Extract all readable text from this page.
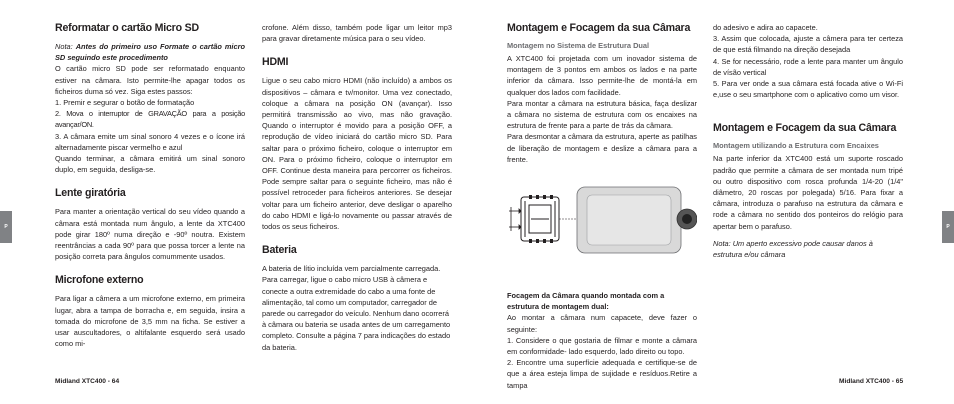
P
Reformatar o cartão Micro SD

Nota: Antes do primeiro uso Formate o cartão micro SD seguindo este procedimento

O cartão micro SD pode ser reformatado enquanto estiver na câmara. Isto permite-lhe apagar todos os ficheiros duma só vez. Siga estes passos:

1. Premir e segurar o botão de formatação

2. Mova o interruptor de GRAVAÇÃO para a posição avançar/ON.

3. A câmara emite um sinal sonoro 4 vezes e o ícone irá alternadamente piscar vermelho e azul

Quando terminar, a câmara emitirá um sinal sonoro duplo, em seguida, desliga-se.

Lente giratória

Para manter a orientação vertical do seu vídeo quando a câmara está montada num ângulo, a lente da XTC400 pode girar 180º numa direção e -90º noutra. Existem reentrâncias a cada 90º para que possa torcer a lente na posição correta para ângulos comummente usados.

Microfone externo

Para ligar a câmera a um microfone externo, em primeira lugar, abra a tampa de borracha e, em seguida, insira a tomada do microfone de 3,5 mm na ficha. Se estiver a usar auscultadores, o altifalante esquerdo será usado como mi-

crofone. Além disso, também pode ligar um leitor mp3 para gravar diretamente música para o seu vídeo.

HDMI

Ligue o seu cabo micro HDMI (não incluído) a ambos os dispositivos – câmara e tv/monitor. Uma vez conectado, coloque a câmara na posição ON (avançar). Isso permitirá transmissão ao vivo, mas não gravação. Quando o interruptor é movido para a posição OFF, a reprodução de vídeo iniciará do cartão micro SD. Para saltar para o próximo ficheiro, coloque o interruptor em ON. Para o próximo ficheiro, coloque o interruptor em OFF. Continue desta maneira para percorrer os ficheiros. Pode sempre saltar para o seguinte ficheiro, mas não é possível retroceder para ficheiros anteriores. Se desejar voltar para um ficheiro anterior, deve desligar o aparelho do cabo HDMI e ligá-lo novamente ou passar através de todos os seus ficheiros.

Bateria

A bateria de lítio incluída vem parcialmente carregada.

Para carregar, ligue o cabo micro USB à câmera e conecte a outra extremidade do cabo a uma fonte de alimentação, tal como um computador, carregador de parede ou carregador do veículo. Nenhum dano ocorrerá à câmara ou bateria se usada antes de um carregamento completo. Consulte a página 7 para indicações do estado da bateria.

Midland XTC400 - 64
P
Montagem e Focagem da sua Câmara
Montagem no Sistema de Estrutura Dual

A XTC400 foi projetada com um inovador sistema de montagem de 3 pontos em ambos os lados e na parte inferior da câmara. Isso permite-lhe de montá-la em qualquer dos lados com facilidade.

Para montar a câmara na estrutura básica, faça deslizar a câmara no sistema de estrutura com os encaixes na estrutura de frente para a parte de trás da câmara.

Para desmontar a câmara da estrutura, aperte as patilhas de liberação de montagem e deslize a câmara para a frente.

Focagem da Câmara quando montada com a estrutura de montagem dual:

Ao montar a câmara num capacete, deve fazer o seguinte:

1. Considere o que gostaria de filmar e monte a câmara em conformidade- lado esquerdo, lado direito ou topo.

2. Encontre uma superfície adequada e certifique-se de que a área esteja limpa de sujidade e resíduos.Retire a tampa

do adesivo e adira ao capacete.

3. Assim que colocada, ajuste a câmera para ter certeza de que está filmando na direção desejada

4. Se for necessário, rode a lente para manter um ângulo de vísão vertical

5. Para ver onde a sua câmara está focada ative o Wi-Fi e,use o seu smartphone com o aplicativo como um visor.

Montagem e Focagem da sua Câmara
Montagem utilizando a Estrutura com Encaixes

Na parte inferior da XTC400 está um suporte roscado padrão que permite a câmara de ser montada num tripé ou outro dispositivo com rosca profunda 1/4-20 (1/4" diâmetro, 20 roscas por polegada) 5/16. Para fixar a câmara, introduza o parafuso na estrutura da câmara e rode a câmara no sentido dos ponteiros do relógio para apertar bem o parafuso.

Nota: Um aperto excessivo pode causar danos à estrutura e/ou câmara

Midland XTC400 - 65
